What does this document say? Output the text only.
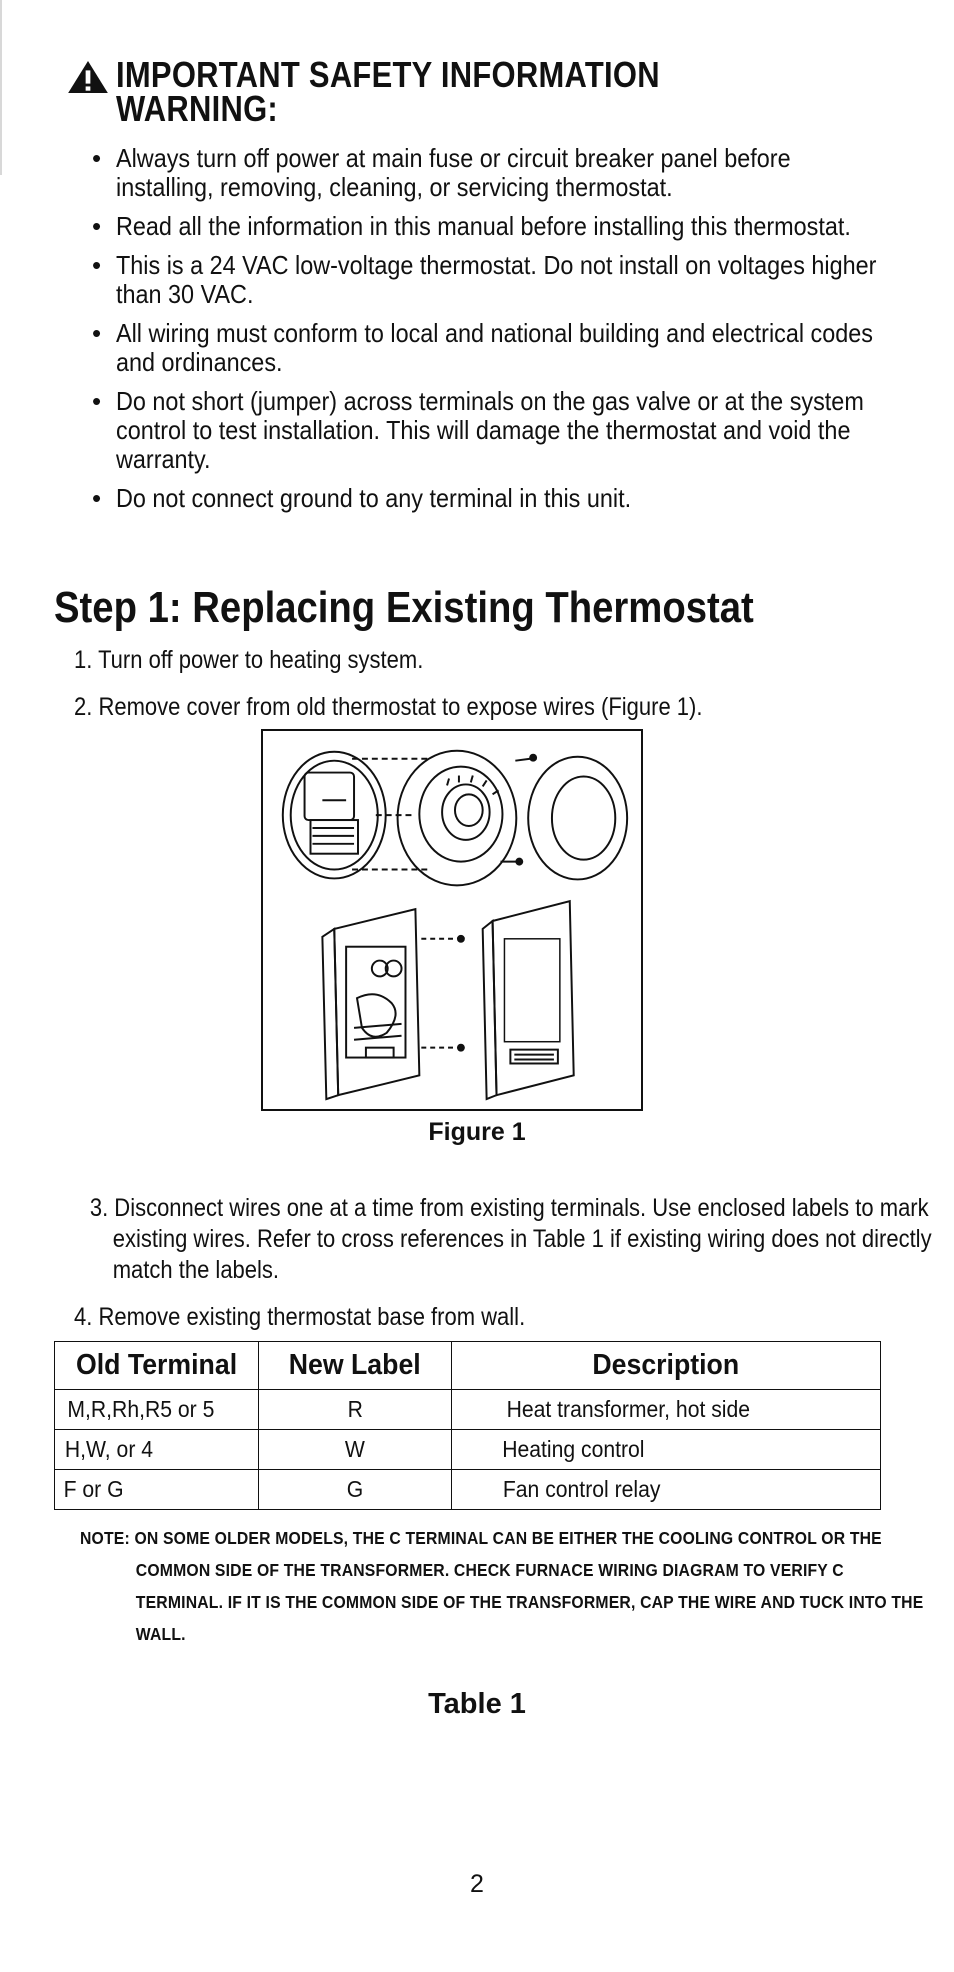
IMPORTANT SAFETY INFORMATION
WARNING:
• Always turn off power at main fuse or circuit breaker panel before installing, removing, cleaning, or servicing thermostat.
• Read all the information in this manual before installing this thermostat.
• This is a 24 VAC low-voltage thermostat. Do not install on voltages higher than 30 VAC.
• All wiring must conform to local and national building and electrical codes and ordinances.
• Do not short (jumper) across terminals on the gas valve or at the system control to test installation. This will damage the thermostat and void the warranty.
• Do not connect ground to any terminal in this unit.
Step 1: Replacing Existing Thermostat
1. Turn off power to heating system.
2. Remove cover from old thermostat to expose wires (Figure 1).
Figure 1
3. Disconnect wires one at a time from existing terminals. Use enclosed labels to mark existing wires. Refer to cross references in Table 1 if existing wiring does not directly match the labels.
4. Remove existing thermostat base from wall.
Old Terminal	New Label	Description
M,R,Rh,R5 or 5	R	Heat transformer, hot side
H,W, or 4	W	Heating control
F or G	G	Fan control relay
NOTE: ON SOME OLDER MODELS, THE C TERMINAL CAN BE EITHER THE COOLING CONTROL OR THE COMMON SIDE OF THE TRANSFORMER. CHECK FURNACE WIRING DIAGRAM TO VERIFY C TERMINAL. IF IT IS THE COMMON SIDE OF THE TRANSFORMER, CAP THE WIRE AND TUCK INTO THE WALL.
Table 1
2
